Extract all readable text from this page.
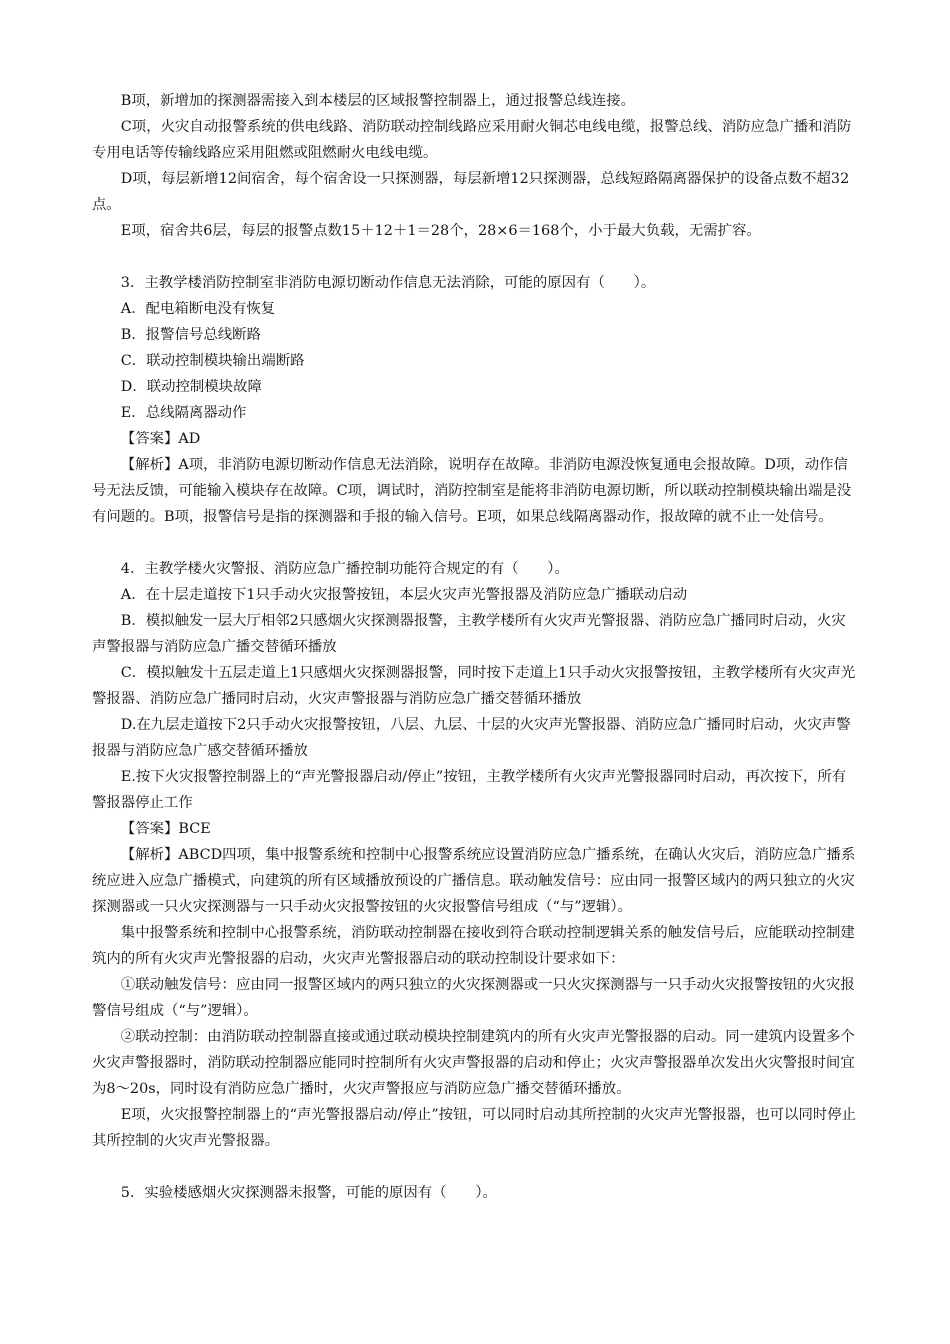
B项，新增加的探测器需接入到本楼层的区域报警控制器上，通过报警总线连接。

C项，火灾自动报警系统的供电线路、消防联动控制线路应采用耐火铜芯电线电缆，报警总线、消防应急广播和消防专用电话等传输线路应采用阻燃或阻燃耐火电线电缆。

D项，每层新增12间宿舍，每个宿舍设一只探测器，每层新增12只探测器，总线短路隔离器保护的设备点数不超32点。

E项，宿舍共6层，每层的报警点数15＋12＋1＝28个，28×6＝168个，小于最大负载，无需扩容。

3．主教学楼消防控制室非消防电源切断动作信息无法消除，可能的原因有（　　）。

A．配电箱断电没有恢复

B．报警信号总线断路

C．联动控制模块输出端断路

D．联动控制模块故障

E．总线隔离器动作

【答案】AD

【解析】A项，非消防电源切断动作信息无法消除，说明存在故障。非消防电源没恢复通电会报故障。D项，动作信号无法反馈，可能输入模块存在故障。C项，调试时，消防控制室是能将非消防电源切断，所以联动控制模块输出端是没有问题的。B项，报警信号是指的探测器和手报的输入信号。E项，如果总线隔离器动作，报故障的就不止一处信号。

4．主教学楼火灾警报、消防应急广播控制功能符合规定的有（　　）。

A．在十层走道按下1只手动火灾报警按钮，本层火灾声光警报器及消防应急广播联动启动

B．模拟触发一层大厅相邻2只感烟火灾探测器报警，主教学楼所有火灾声光警报器、消防应急广播同时启动，火灾声警报器与消防应急广播交替循环播放

C．模拟触发十五层走道上1只感烟火灾探测器报警，同时按下走道上1只手动火灾报警按钮，主教学楼所有火灾声光警报器、消防应急广播同时启动，火灾声警报器与消防应急广播交替循环播放

D.在九层走道按下2只手动火灾报警按钮，八层、九层、十层的火灾声光警报器、消防应急广播同时启动，火灾声警报器与消防应急广感交替循环播放

E.按下火灾报警控制器上的“声光警报器启动/停止”按钮，主教学楼所有火灾声光警报器同时启动，再次按下，所有警报器停止工作

【答案】BCE

【解析】ABCD四项，集中报警系统和控制中心报警系统应设置消防应急广播系统，在确认火灾后，消防应急广播系统应进入应急广播模式，向建筑的所有区域播放预设的广播信息。联动触发信号：应由同一报警区域内的两只独立的火灾探测器或一只火灾探测器与一只手动火灾报警按钮的火灾报警信号组成（“与”逻辑）。

集中报警系统和控制中心报警系统，消防联动控制器在接收到符合联动控制逻辑关系的触发信号后，应能联动控制建筑内的所有火灾声光警报器的启动，火灾声光警报器启动的联动控制设计要求如下：

①联动触发信号：应由同一报警区域内的两只独立的火灾探测器或一只火灾探测器与一只手动火灾报警按钮的火灾报警信号组成（“与”逻辑）。

②联动控制：由消防联动控制器直接或通过联动模块控制建筑内的所有火灾声光警报器的启动。同一建筑内设置多个火灾声警报器时，消防联动控制器应能同时控制所有火灾声警报器的启动和停止；火灾声警报器单次发出火灾警报时间宜为8～20s，同时设有消防应急广播时，火灾声警报应与消防应急广播交替循环播放。

E项，火灾报警控制器上的“声光警报器启动/停止”按钮，可以同时启动其所控制的火灾声光警报器，也可以同时停止其所控制的火灾声光警报器。

5．实验楼感烟火灾探测器未报警，可能的原因有（　　）。
